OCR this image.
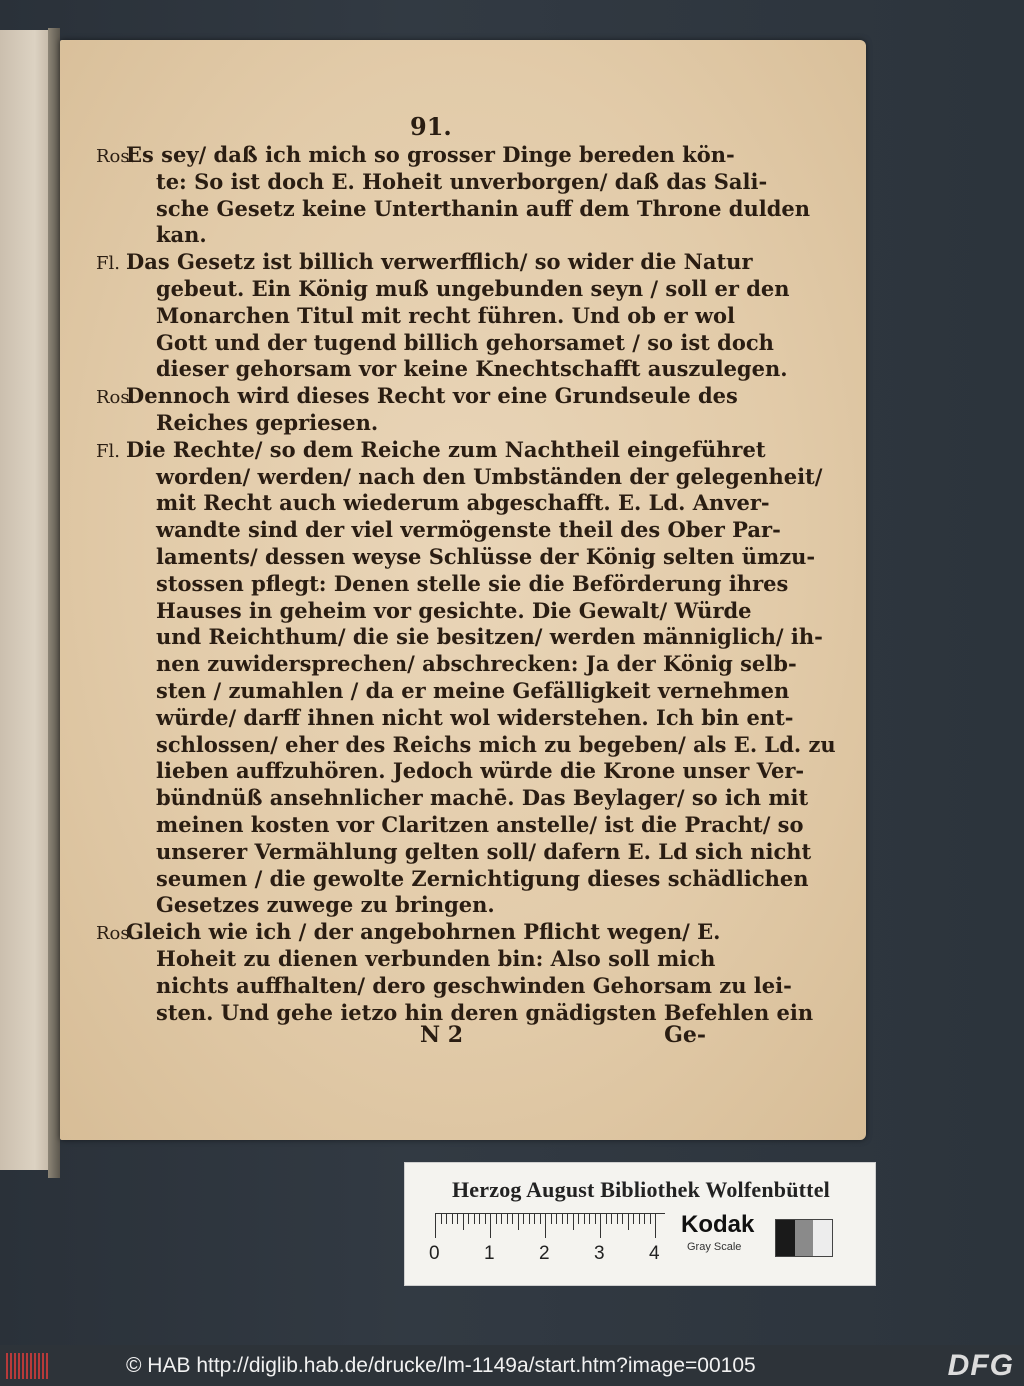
91.
Ros.Es sey/ daß ich mich so grosser Dinge bereden kön-
te: So ist doch E. Hoheit unverborgen/ daß das Sali-
sche Gesetz keine Unterthanin auff dem Throne dulden
kan.
Fl. Das Gesetz ist billich verwerfflich/ so wider die Natur
gebeut. Ein König muß ungebunden seyn / soll er den
Monarchen Titul mit recht führen. Und ob er wol
Gott und der tugend billich gehorsamet / so ist doch
dieser gehorsam vor keine Knechtschafft auszulegen.
Ros.Dennoch wird dieses Recht vor eine Grundseule des
Reiches gepriesen.
Fl. Die Rechte/ so dem Reiche zum Nachtheil eingeführet
worden/ werden/ nach den Umbständen der gelegenheit/
mit Recht auch wiederum abgeschafft. E. Ld. Anver-
wandte sind der viel vermögenste theil des Ober Par-
laments/ dessen weyse Schlüsse der König selten ümzu-
stossen pflegt: Denen stelle sie die Beförderung ihres
Hauses in geheim vor gesichte. Die Gewalt/ Würde
und Reichthum/ die sie besitzen/ werden männiglich/ ih-
nen zuwidersprechen/ abschrecken: Ja der König selb-
sten / zumahlen / da er meine Gefälligkeit vernehmen
würde/ darff ihnen nicht wol widerstehen. Ich bin ent-
schlossen/ eher des Reichs mich zu begeben/ als E. Ld. zu
lieben auffzuhören. Jedoch würde die Krone unser Ver-
bündnüß ansehnlicher machē. Das Beylager/ so ich mit
meinen kosten vor Claritzen anstelle/ ist die Pracht/ so
unserer Vermählung gelten soll/ dafern E. Ld sich nicht
seumen / die gewolte Zernichtigung dieses schädlichen
Gesetzes zuwege zu bringen.
Ros.Gleich wie ich / der angebohrnen Pflicht wegen/ E.
Hoheit zu dienen verbunden bin: Also soll mich
nichts auffhalten/ dero geschwinden Gehorsam zu lei-
sten. Und gehe ietzo hin deren gnädigsten Befehlen ein
N 2	Ge-
Herzog August Bibliothek Wolfenbüttel
0 1 2 3 4
Kodak
Gray Scale
© HAB http://diglib.hab.de/drucke/lm-1149a/start.htm?image=00105	DFG
